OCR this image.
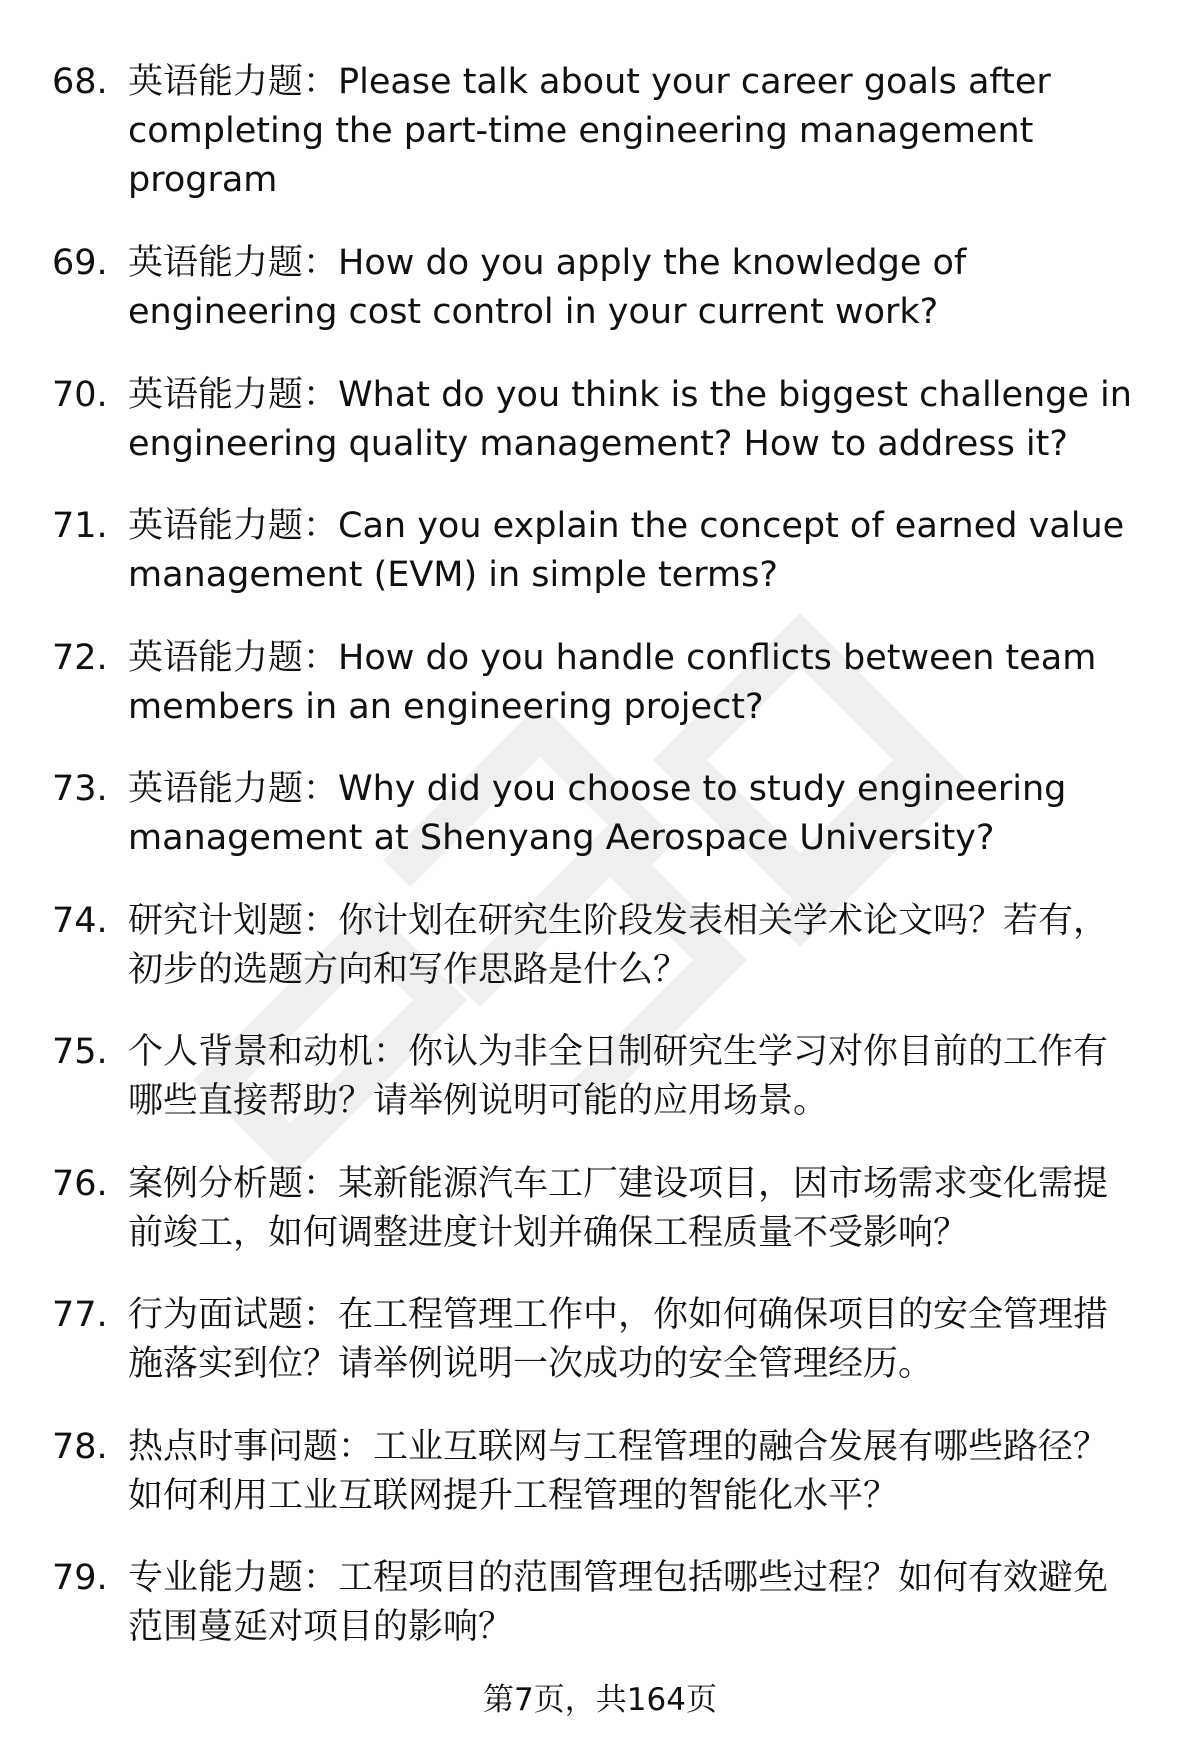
68. 英语能力题：Please talk about your career goals after completing the part-time engineering management program
69. 英语能力题：How do you apply the knowledge of engineering cost control in your current work?
70. 英语能力题：What do you think is the biggest challenge in engineering quality management? How to address it?
71. 英语能力题：Can you explain the concept of earned value management (EVM) in simple terms?
72. 英语能力题：How do you handle conflicts between team members in an engineering project?
73. 英语能力题：Why did you choose to study engineering management at Shenyang Aerospace University?
74. 研究计划题：你计划在研究生阶段发表相关学术论文吗？若有，初步的选题方向和写作思路是什么？
75. 个人背景和动机：你认为非全日制研究生学习对你目前的工作有哪些直接帮助？请举例说明可能的应用场景。
76. 案例分析题：某新能源汽车工厂建设项目，因市场需求变化需提前竣工，如何调整进度计划并确保工程质量不受影响？
77. 行为面试题：在工程管理工作中，你如何确保项目的安全管理措施落实到位？请举例说明一次成功的安全管理经历。
78. 热点时事问题：工业互联网与工程管理的融合发展有哪些路径？如何利用工业互联网提升工程管理的智能化水平？
79. 专业能力题：工程项目的范围管理包括哪些过程？如何有效避免范围蔓延对项目的影响？
第7页，共164页
